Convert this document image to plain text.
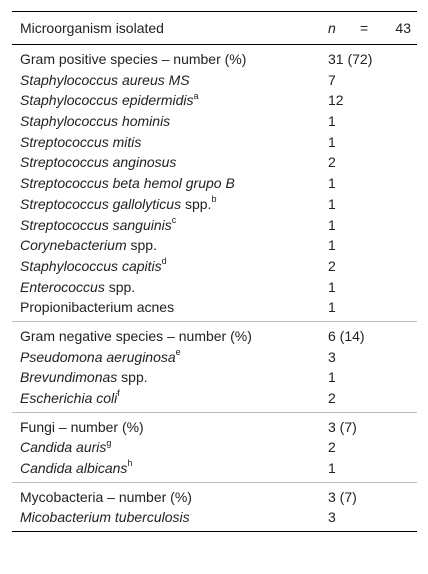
Microorganism isolated	n = 43
Gram positive species – number (%)	31 (72)
Staphylococcus aureus MS	7
Staphylococcus epidermidis$^a$	12
Staphylococcus hominis	1
Streptococcus mitis	1
Streptococcus anginosus	2
Streptococcus beta hemol grupo B	1
Streptococcus gallolyticus spp.$^b$	1
Streptococcus sanguinis$^c$	1
Corynebacterium spp.	1
Staphylococcus capitis$^d$	2
Enterococcus spp.	1
Propionibacterium acnes	1
Gram negative species – number (%)	6 (14)
Pseudomona aeruginosa$^e$	3
Brevundimonas spp.	1
Escherichia coli$^f$	2
Fungi – number (%)	3 (7)
Candida auris$^g$	2
Candida albicans$^h$	1
Mycobacteria – number (%)	3 (7)
Micobacterium tuberculosis	3
